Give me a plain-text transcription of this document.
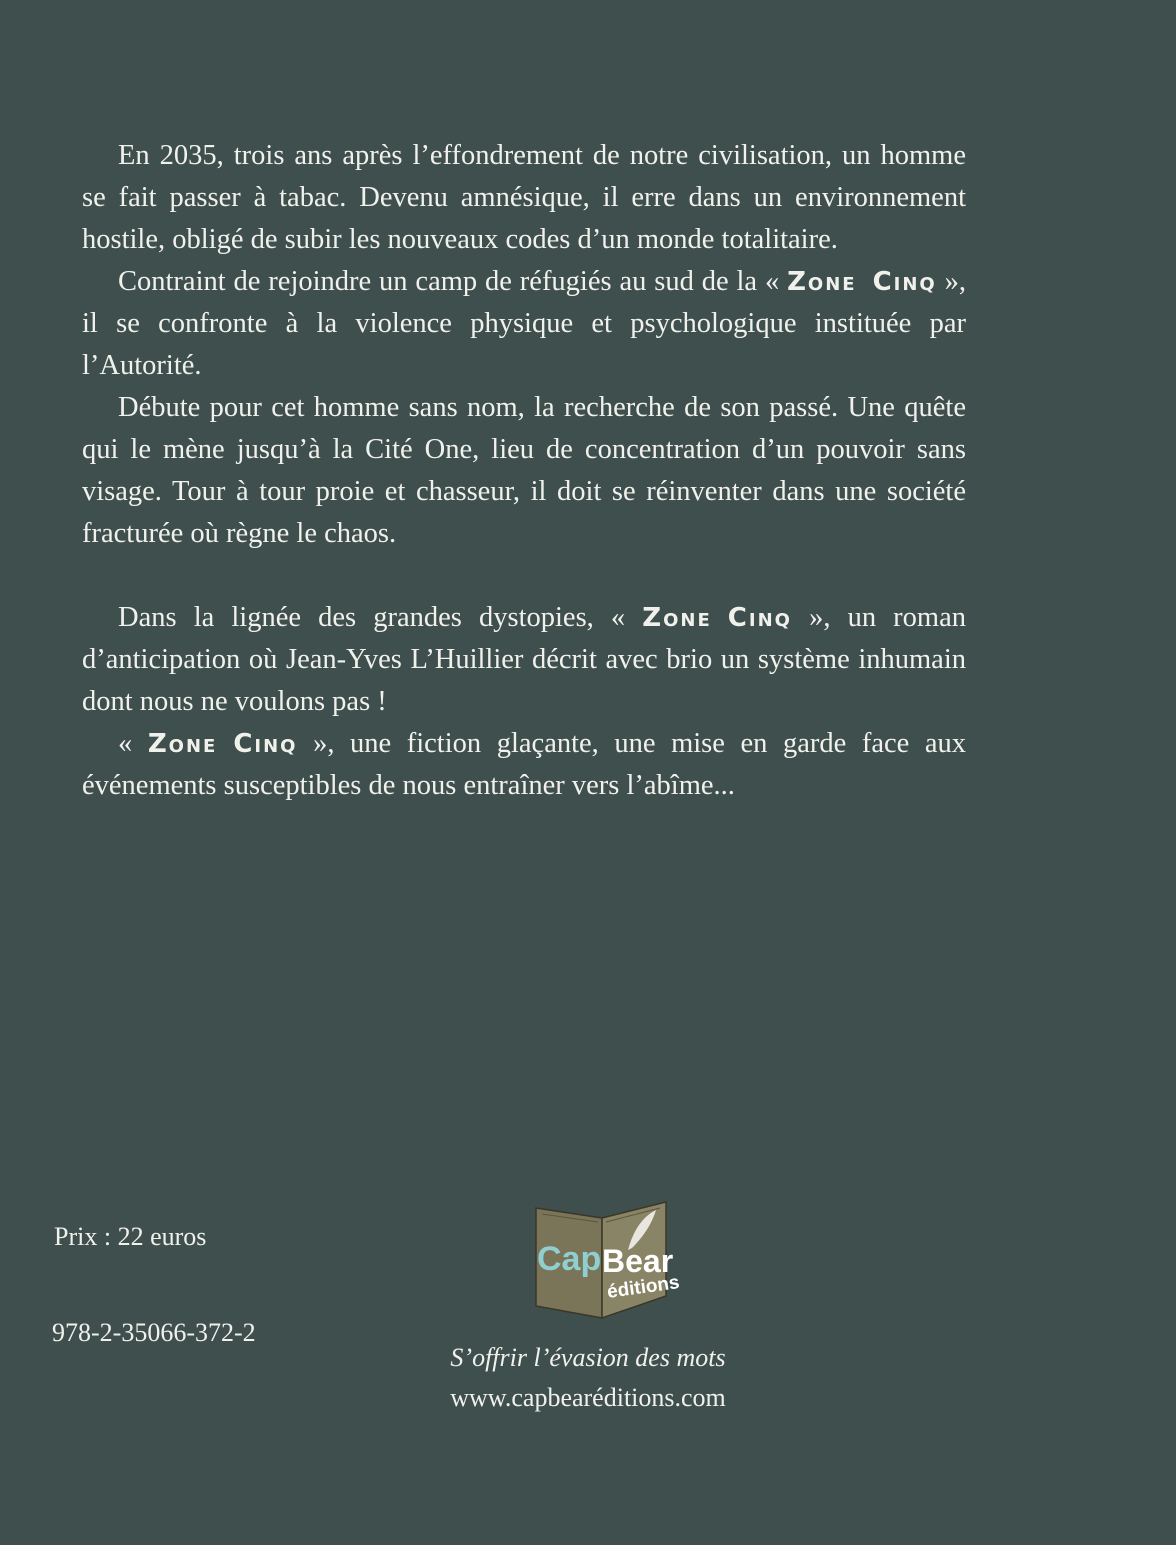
En 2035, trois ans après l’effondrement de notre civilisation, un homme se fait passer à tabac. Devenu amnésique, il erre dans un environnement hostile, obligé de subir les nouveaux codes d’un monde totalitaire.

Contraint de rejoindre un camp de réfugiés au sud de la « Zone Cinq », il se confronte à la violence physique et psychologique instituée par l’Autorité.

Débute pour cet homme sans nom, la recherche de son passé. Une quête qui le mène jusqu’à la Cité One, lieu de concentration d’un pouvoir sans visage. Tour à tour proie et chasseur, il doit se réinventer dans une société fracturée où règne le chaos.

Dans la lignée des grandes dystopies, « Zone Cinq », un roman d’anticipation où Jean-Yves L’Huillier décrit avec brio un système inhumain dont nous ne voulons pas !

« Zone Cinq », une fiction glaçante, une mise en garde face aux événements susceptibles de nous entraîner vers l’abîme...

Prix : 22 euros

978-2-35066-372-2

Cap Bear
éditions

S’offrir l’évasion des mots

www.capbearéditions.com
